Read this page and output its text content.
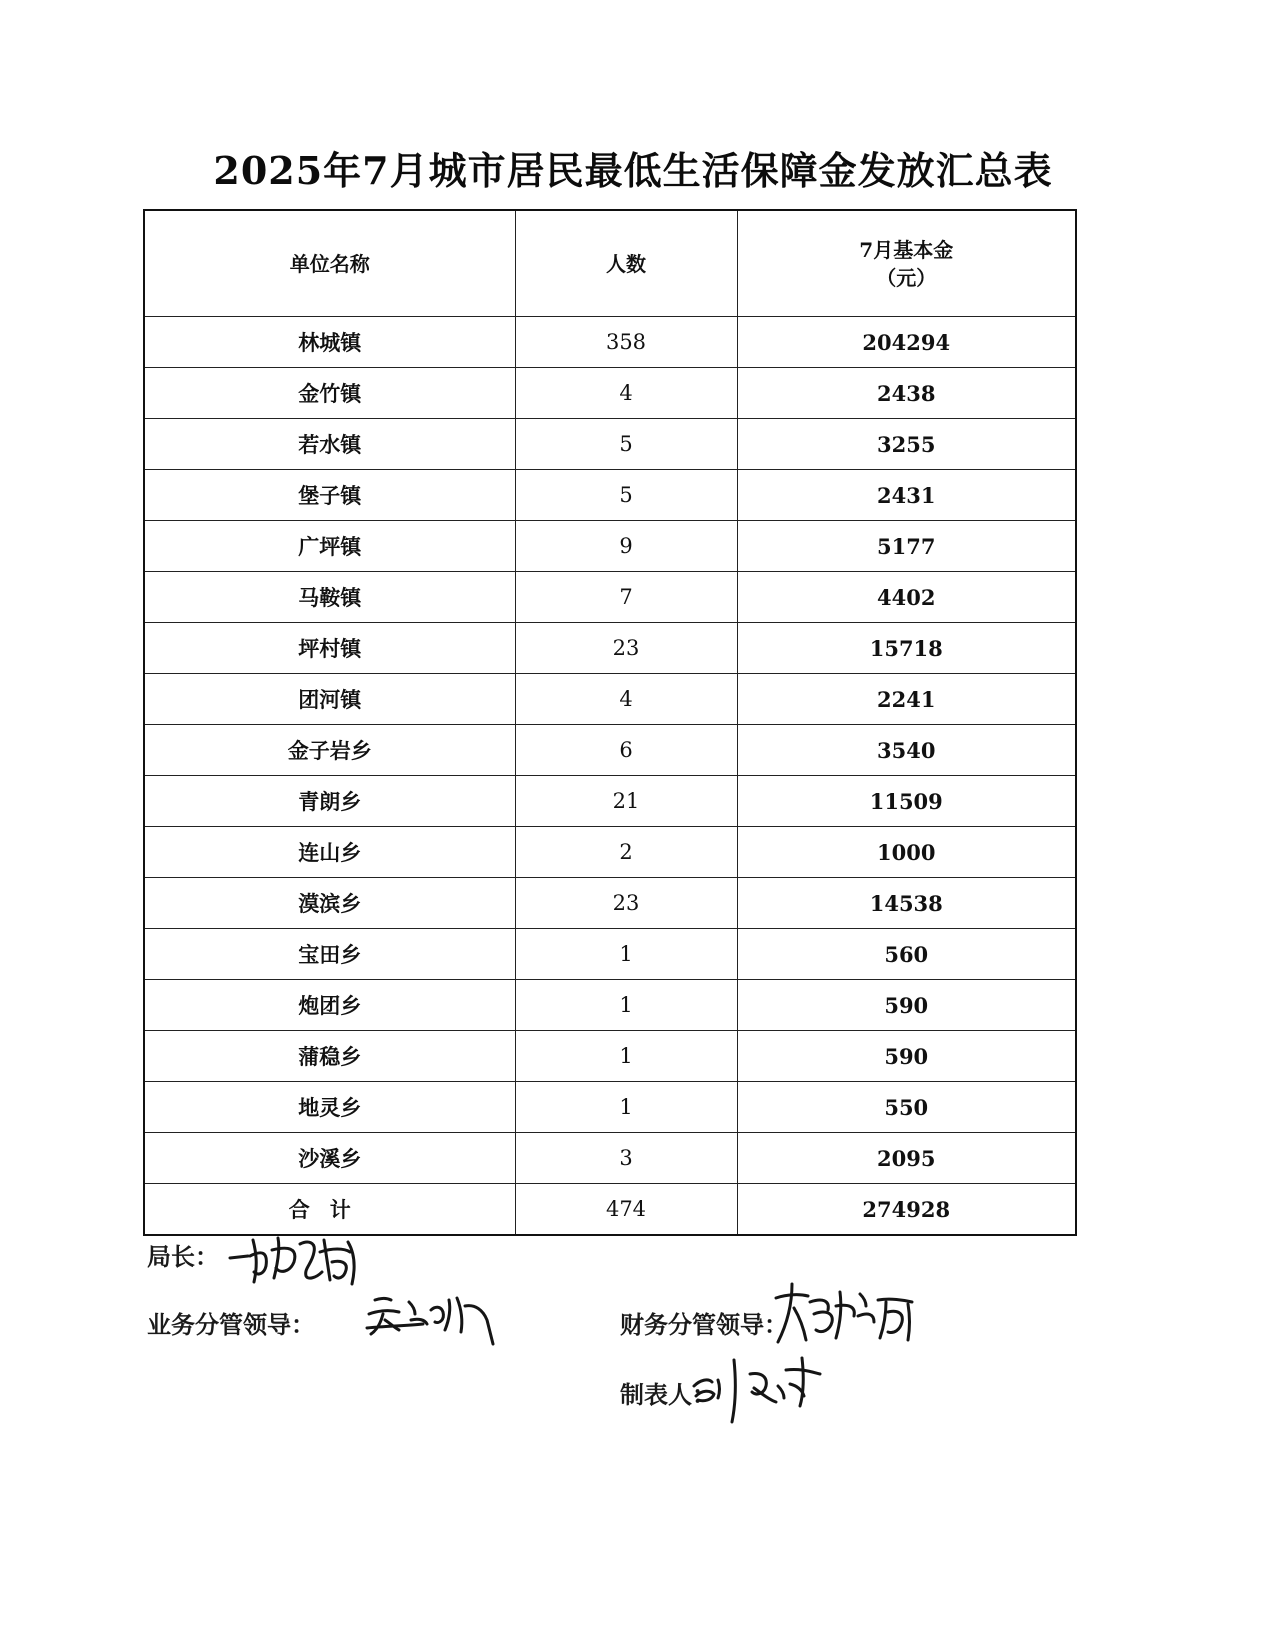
2025年7月城市居民最低生活保障金发放汇总表
单位名称	人数	7月基本金
（元）

林城镇	358	204294
金竹镇	4	2438
若水镇	5	3255
堡子镇	5	2431
广坪镇	9	5177
马鞍镇	7	4402
坪村镇	23	15718
团河镇	4	2241
金子岩乡	6	3540
青朗乡	21	11509
连山乡	2	1000
漠滨乡	23	14538
宝田乡	1	560
炮团乡	1	590
蒲稳乡	1	590
地灵乡	1	550
沙溪乡	3	2095
合计	474	274928
局长：
业务分管领导：	财务分管领导：
制表人：
